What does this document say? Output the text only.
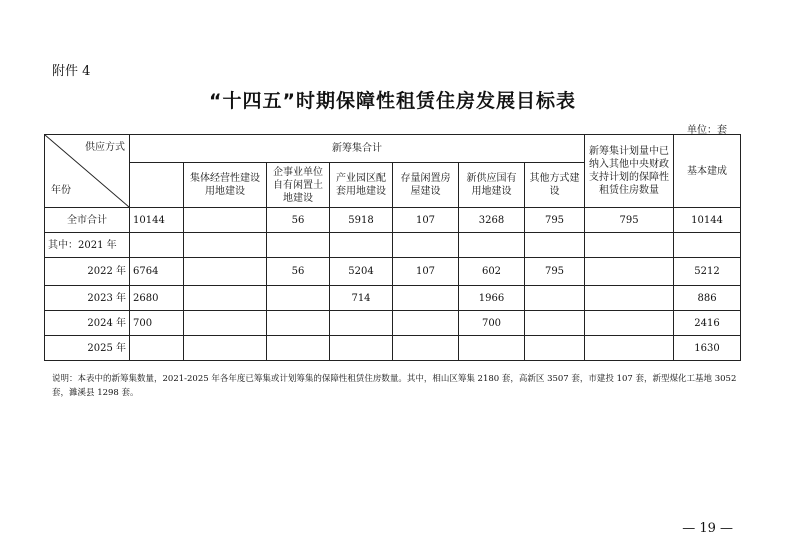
附件 4
“十四五”时期保障性租赁住房发展目标表
单位：套
供应方式
年份	新筹集合计							新筹集计划量中已纳入其他中央财政支持计划的保障性租赁住房数量	基本建成
		集体经营性建设用地建设	企事业单位自有闲置土地建设	产业园区配套用地建设	存量闲置房屋建设	新供应国有用地建设	其他方式建设		
全市合计	10144		56	5918	107	3268	795	795	10144
其中：2021 年									
2022 年	6764		56	5204	107	602	795		5212
2023 年	2680			714		1966			886
2024 年	700					700			2416
2025 年									1630
说明：本表中的新筹集数量，2021-2025 年各年度已筹集或计划筹集的保障性租赁住房数量。其中，相山区筹集 2180 套，高新区 3507 套，市建投 107 套，新型煤化工基地 3052 套，濉溪县 1298 套。
— 19 —
